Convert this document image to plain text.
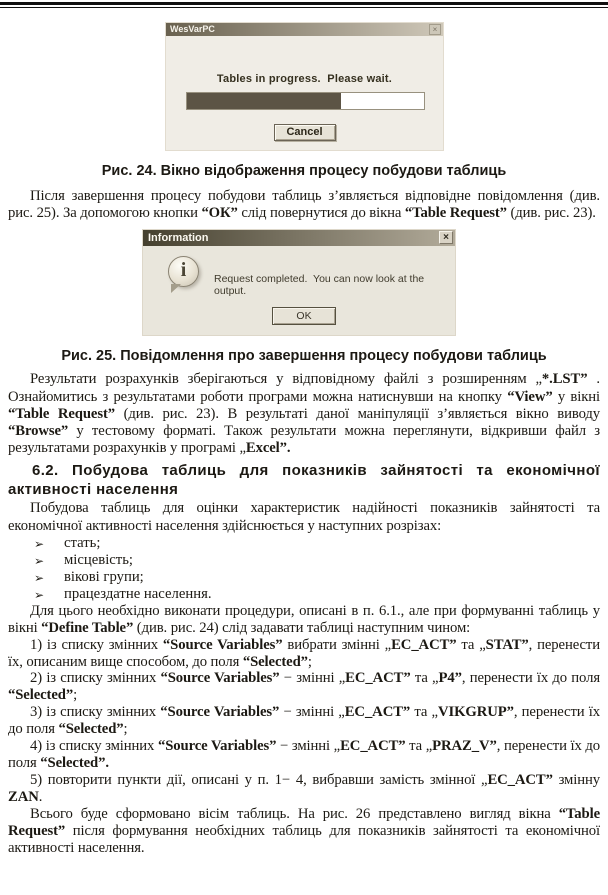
WesVarPC	×
Tables in progress.  Please wait.
Cancel

Рис. 24. Вікно відображення процесу побудови таблиць

Після завершення процесу побудови таблиць з’являється відповідне повідомлення (див. рис. 25). За допомогою кнопки “ОК” слід повернутися до вікна “Table Request” (див. рис. 23).

Information	×
i	Request completed.  You can now look at the output.
OK

Рис. 25. Повідомлення про завершення процесу побудови таблиць

Результати розрахунків зберігаються у відповідному файлі з розширенням „*.LST” . Ознайомитись з результатами роботи програми можна натиснувши на кнопку “View” у вікні “Table Request” (див. рис. 23). В результаті даної маніпуляції з’являється вікно виводу “Browse” у тестовому форматі. Також результати можна переглянути, відкривши файл з результатами розрахунків у програмі „Excel”.

6.2. Побудова таблиць для показників зайнятості та економічної активності населення

Побудова таблиць для оцінки характеристик надійності показників зайнятості та економічної активності населення здійснюється у наступних розрізах:

➢ стать;
➢ місцевість;
➢ вікові групи;
➢ працездатне населення.

Для цього необхідно виконати процедури, описані в п. 6.1., але при формуванні таблиць у вікні “Define Table” (див. рис. 24) слід задавати таблиці наступним чином:

1) із списку змінних “Source Variables” вибрати змінні „EC_ACT” та „STAT”, перенести їх, описаним вище способом, до поля “Selected”;

2) із списку змінних “Source Variables” − змінні „EC_ACT” та „P4”, перенести їх до поля “Selected”;

3) із списку змінних “Source Variables” − змінні „EC_ACT” та „VIKGRUP”, перенести їх до поля “Selected”;

4) із списку змінних “Source Variables” − змінні „EC_ACT” та „PRAZ_V”, перенести їх до поля “Selected”.

5) повторити пункти дії, описані у п. 1− 4, вибравши замість змінної „EC_ACT” змінну ZAN.

Всього буде сформовано вісім таблиць. На рис. 26 представлено вигляд вікна “Table Request” після формування необхідних таблиць для показників зайнятості та економічної активності населення.
